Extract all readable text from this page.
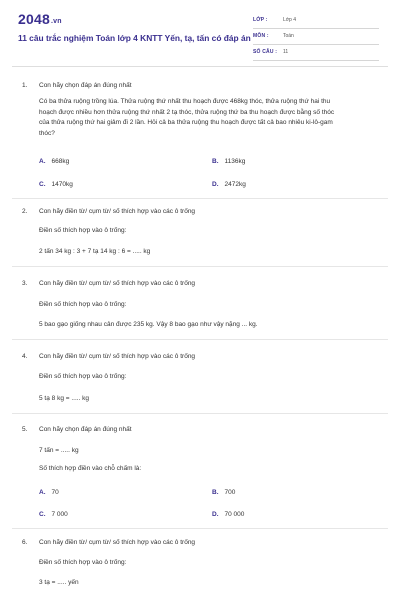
2048.vn
11 câu trắc nghiệm Toán lớp 4 KNTT Yến, tạ, tấn có đáp án
LỚP :	Lớp 4
MÔN :	Toán
SỐ CÂU : 11
1. Con hãy chọn đáp án đúng nhất
Có ba thửa ruộng trồng lúa. Thửa ruộng thứ nhất thu hoạch được 468kg thóc, thửa ruộng thứ hai thu hoạch được nhiều hơn thửa ruộng thứ nhất 2 tạ thóc, thửa ruộng thứ ba thu hoạch được bằng số thóc của thửa ruộng thứ hai giảm đi 2 lần. Hỏi cả ba thửa ruộng thu hoạch được tất cả bao nhiêu ki-lô-gam thóc?
A. 668kg	B. 1136kg
C. 1470kg	D. 2472kg
2. Con hãy điền từ/ cụm từ/ số thích hợp vào các ô trống
Điền số thích hợp vào ô trống:
2 tấn 34 kg : 3 + 7 tạ 14 kg : 6 = ..... kg
3. Con hãy điền từ/ cụm từ/ số thích hợp vào các ô trống
Điền số thích hợp vào ô trống:
5 bao gạo giống nhau cân được 235 kg. Vậy 8 bao gạo như vậy nặng ... kg.
4. Con hãy điền từ/ cụm từ/ số thích hợp vào các ô trống
Điền số thích hợp vào ô trống:
5 tạ 8 kg = ..... kg
5. Con hãy chọn đáp án đúng nhất
7 tấn = ..... kg
Số thích hợp điền vào chỗ chấm là:
A. 70	B. 700
C. 7 000	D. 70 000
6. Con hãy điền từ/ cụm từ/ số thích hợp vào các ô trống
Điền số thích hợp vào ô trống:
3 tạ = ..... yến
